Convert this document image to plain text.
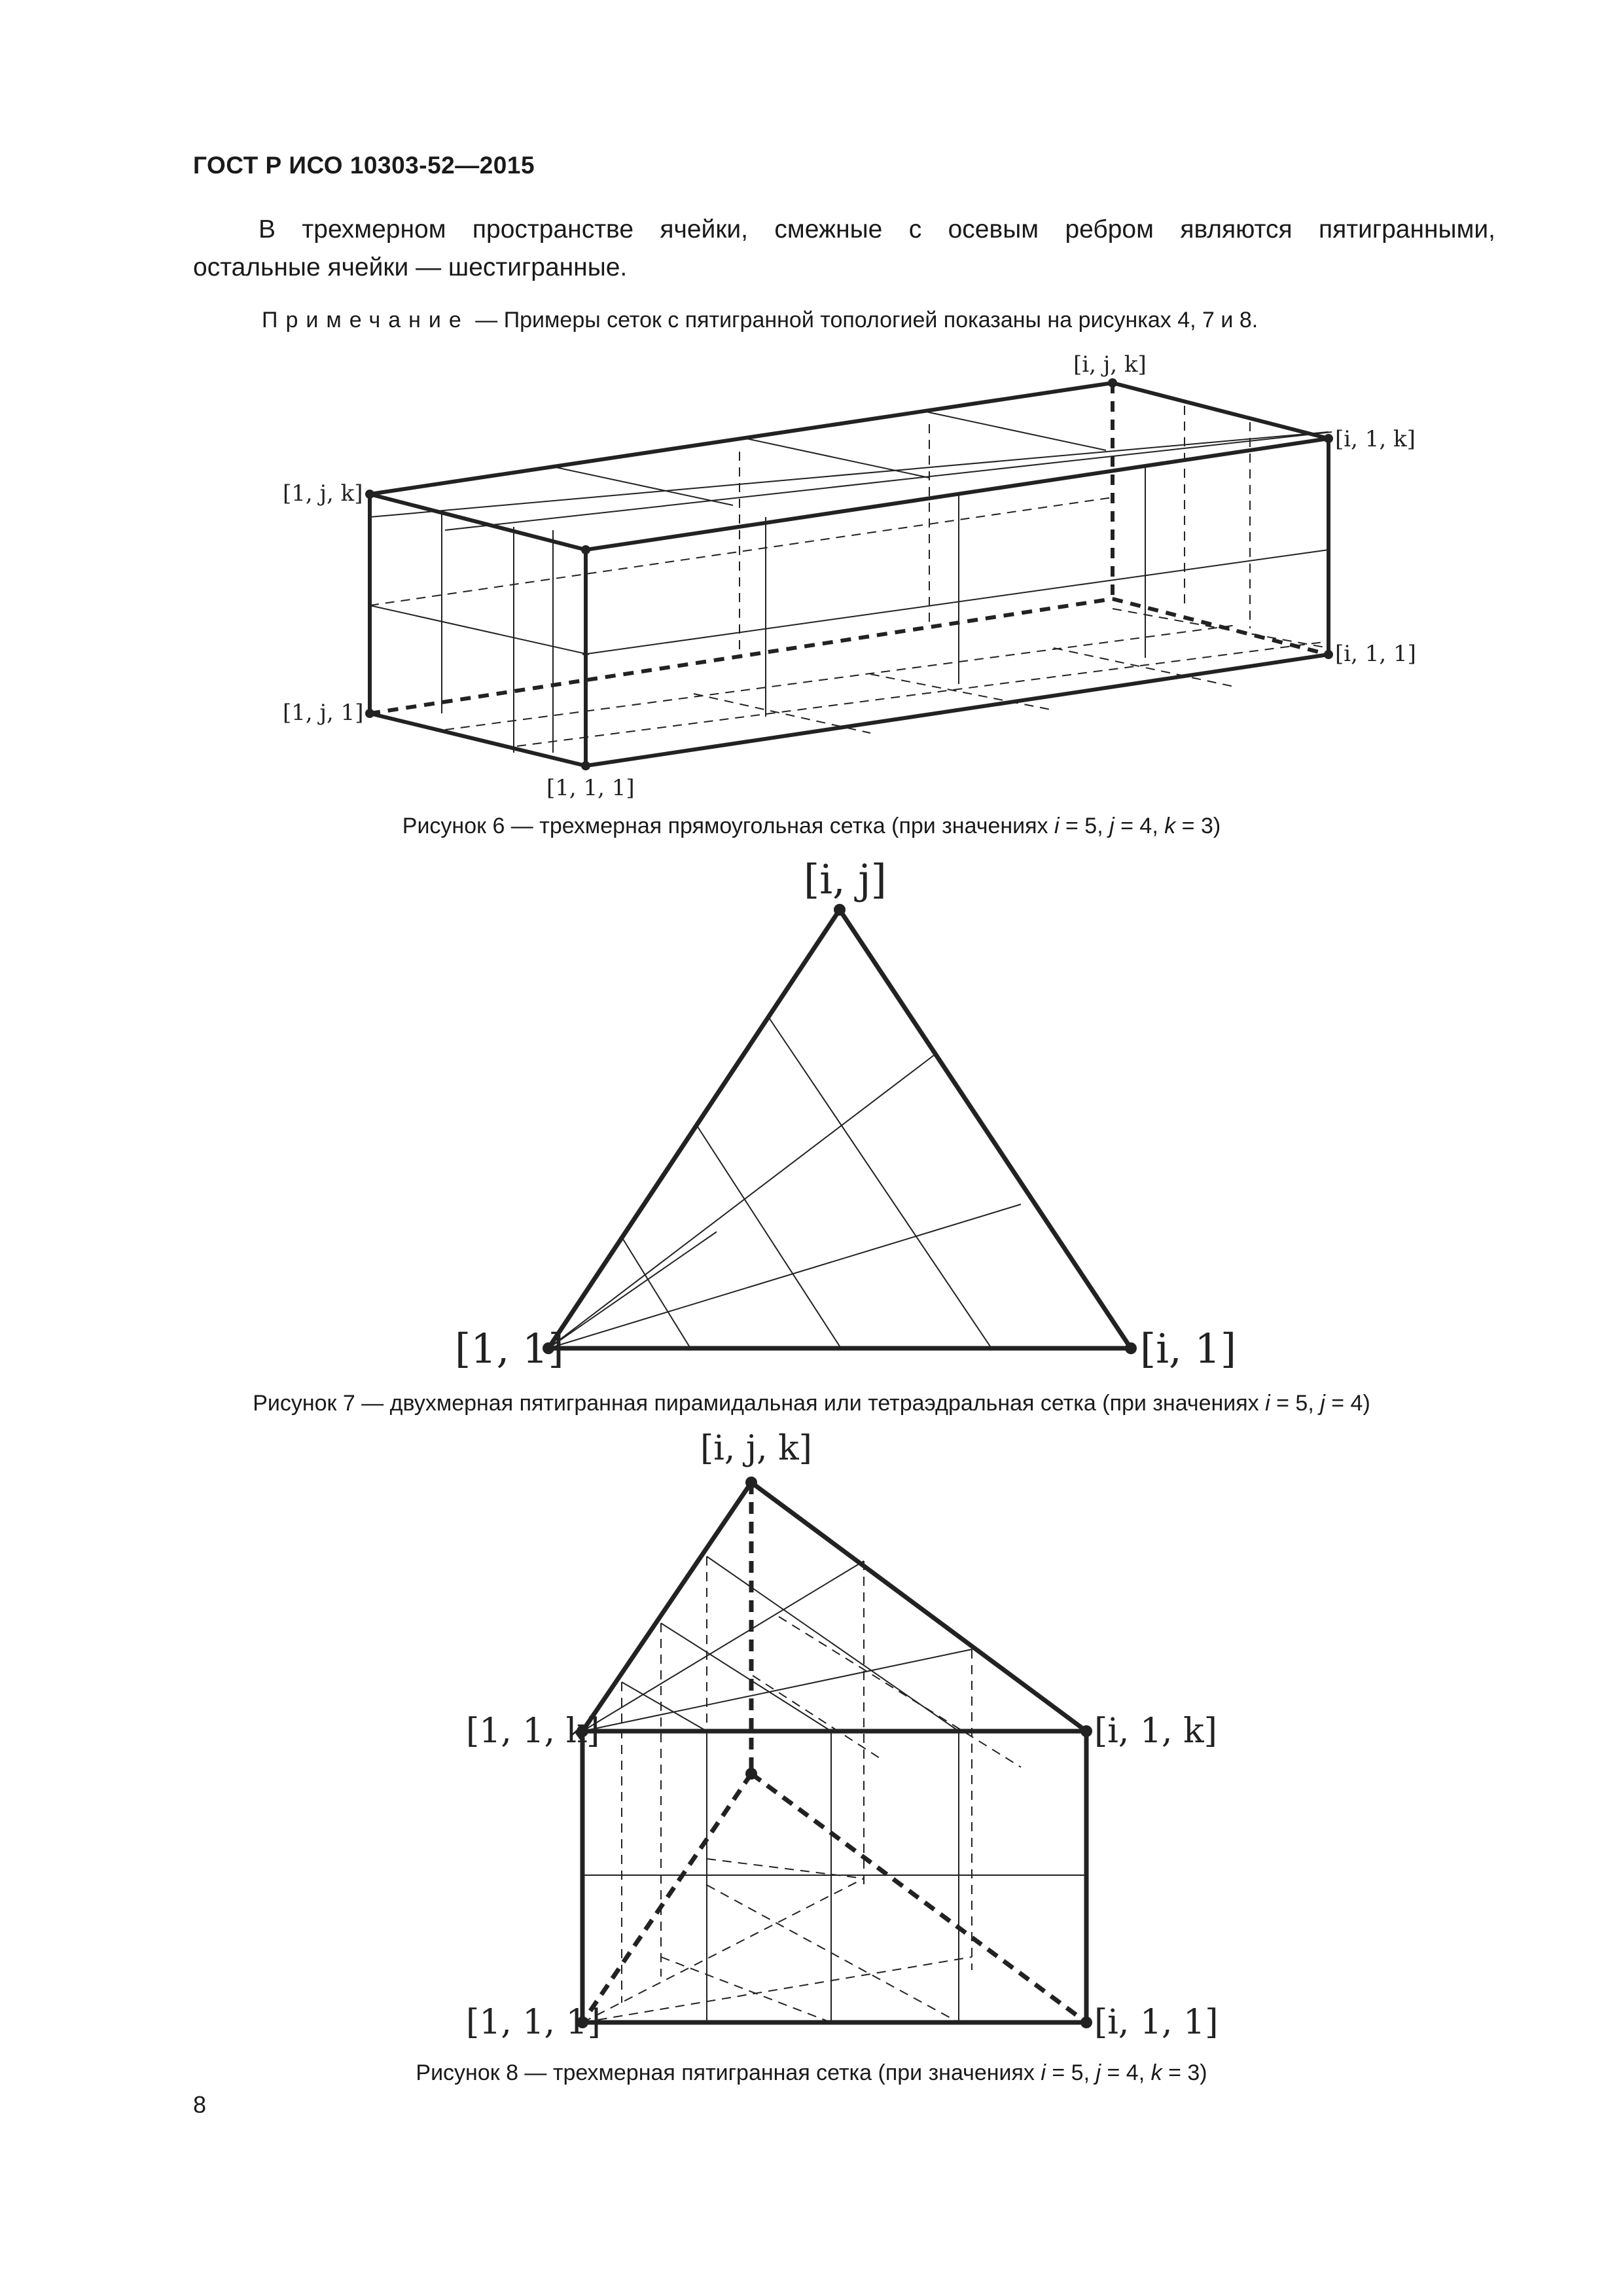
ГОСТ Р ИСО 10303-52—2015
В трехмерном пространстве ячейки, смежные с осевым ребром являются пятигранными,
остальные ячейки — шестигранные.
Примечание — Примеры сеток с пятигранной топологией показаны на рисунках 4, 7 и 8.
[i, j, k]
[i, 1, k]
[1, j, k]
[1, j, 1]
[1, 1, 1]
[i, 1, 1]
Рисунок 6 — трехмерная прямоугольная сетка (при значениях i = 5, j = 4, k = 3)
[i, j]
[1, 1]	[i, 1]
Рисунок 7 — двухмерная пятигранная пирамидальная или тетраэдральная сетка (при значениях i = 5, j = 4)
[i, j, k]
[1, 1, k]	[i, 1, k]
[1, 1, 1]	[i, 1, 1]
Рисунок 8 — трехмерная пятигранная сетка (при значениях i = 5, j = 4, k = 3)
8
